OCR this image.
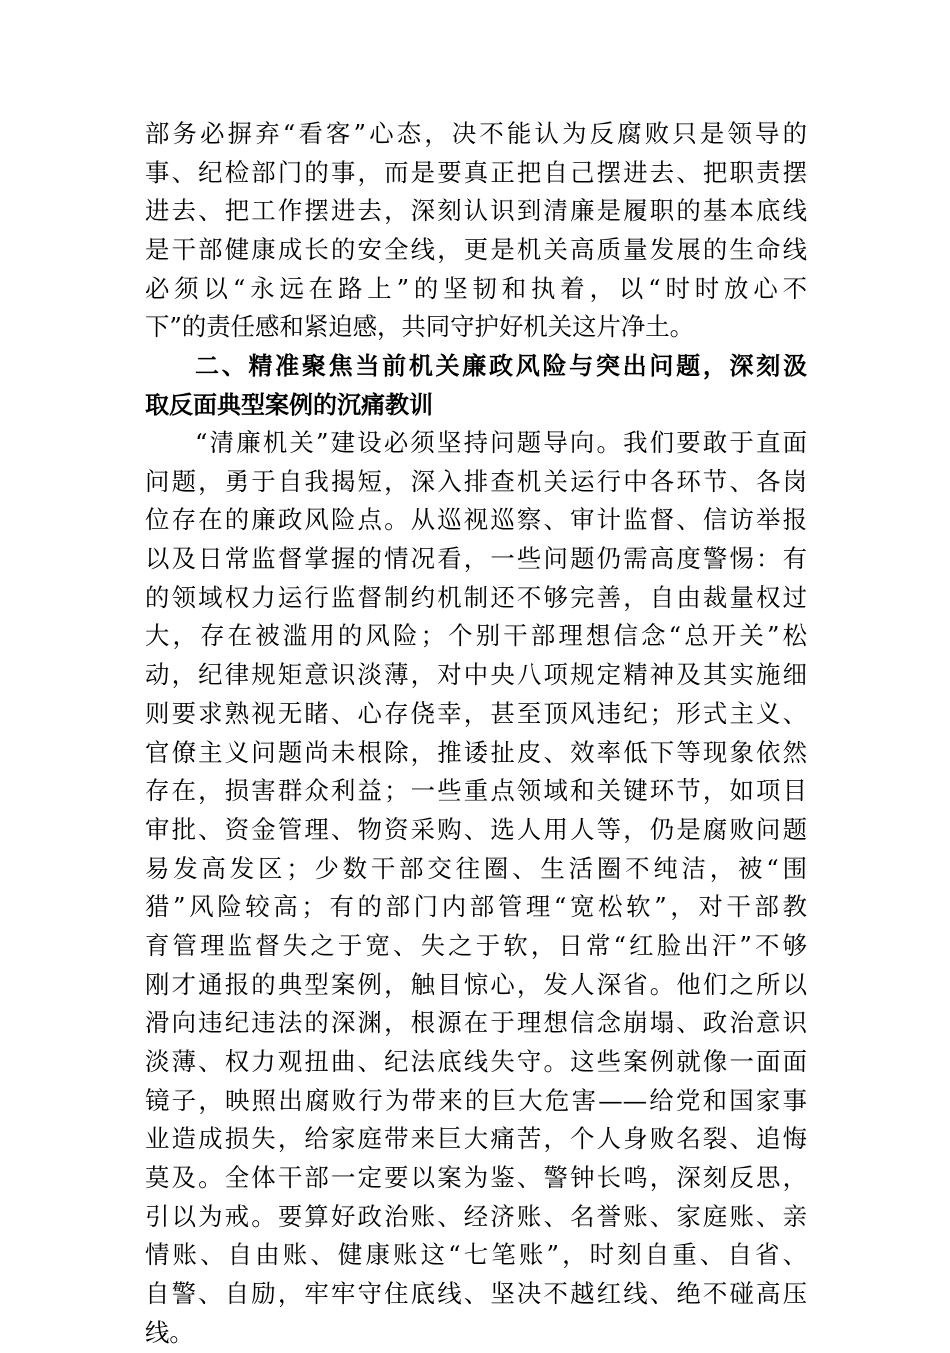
部务必摒弃“看客”心态，决不能认为反腐败只是领导的
事、纪检部门的事，而是要真正把自己摆进去、把职责摆
进去、把工作摆进去，深刻认识到清廉是履职的基本底线
是干部健康成长的安全线，更是机关高质量发展的生命线
必须以“永远在路上”的坚韧和执着，以“时时放心不
下”的责任感和紧迫感，共同守护好机关这片净土。
二、精准聚焦当前机关廉政风险与突出问题，深刻汲
取反面典型案例的沉痛教训
“清廉机关”建设必须坚持问题导向。我们要敢于直面
问题，勇于自我揭短，深入排查机关运行中各环节、各岗
位存在的廉政风险点。从巡视巡察、审计监督、信访举报
以及日常监督掌握的情况看，一些问题仍需高度警惕：有
的领域权力运行监督制约机制还不够完善，自由裁量权过
大，存在被滥用的风险；个别干部理想信念“总开关”松
动，纪律规矩意识淡薄，对中央八项规定精神及其实施细
则要求熟视无睹、心存侥幸，甚至顶风违纪；形式主义、
官僚主义问题尚未根除，推诿扯皮、效率低下等现象依然
存在，损害群众利益；一些重点领域和关键环节，如项目
审批、资金管理、物资采购、选人用人等，仍是腐败问题
易发高发区；少数干部交往圈、生活圈不纯洁，被“围
猎”风险较高；有的部门内部管理“宽松软”，对干部教
育管理监督失之于宽、失之于软，日常“红脸出汗”不够
刚才通报的典型案例，触目惊心，发人深省。他们之所以
滑向违纪违法的深渊，根源在于理想信念崩塌、政治意识
淡薄、权力观扭曲、纪法底线失守。这些案例就像一面面
镜子，映照出腐败行为带来的巨大危害——给党和国家事
业造成损失，给家庭带来巨大痛苦，个人身败名裂、追悔
莫及。全体干部一定要以案为鉴、警钟长鸣，深刻反思，
引以为戒。要算好政治账、经济账、名誉账、家庭账、亲
情账、自由账、健康账这“七笔账”，时刻自重、自省、
自警、自励，牢牢守住底线、坚决不越红线、绝不碰高压
线。
